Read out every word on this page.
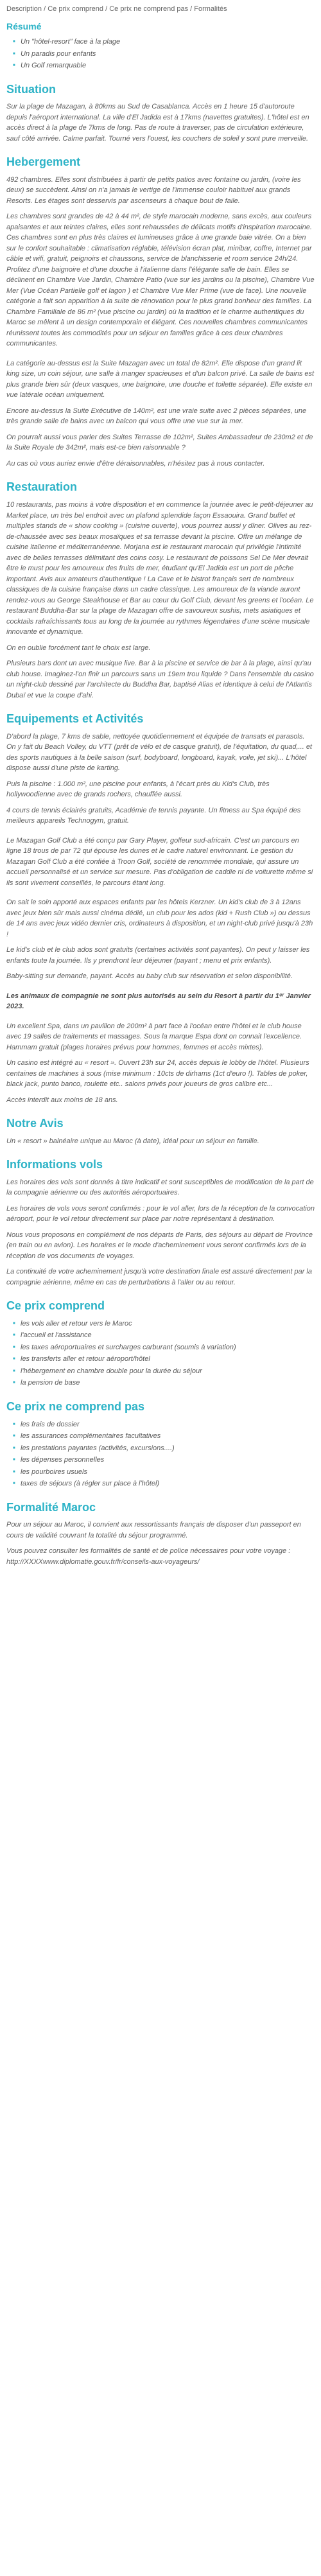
Description / Ce prix comprend / Ce prix ne comprend pas / Formalités
Résumé
■ Un "hôtel-resort" face à la plage
■ Un paradis pour enfants
■ Un Golf remarquable
Situation

Sur la plage de Mazagan, à 80kms au Sud de Casablanca. Accès en 1 heure 15 d'autoroute depuis l'aéroport international. La ville d'El Jadida est à 17kms (navettes gratuites). L'hôtel est en accès direct à la plage de 7kms de long. Pas de route à traverser, pas de circulation extérieure, sauf côté arrivée. Calme parfait. Tourné vers l'ouest, les couchers de soleil y sont pure merveille.

Hebergement

492 chambres. Elles sont distribuées à partir de petits patios avec fontaine ou jardin, (voire les deux) se succèdent. Ainsi on n'a jamais le vertige de l'immense couloir habituel aux grands Resorts. Les étages sont desservis par ascenseurs à chaque bout de faile.

Les chambres sont grandes de 42 à 44 m², de style marocain moderne, sans excès, aux couleurs apaisantes et aux teintes claires, elles sont rehaussées de délicats motifs d'inspiration marocaine. Ces chambres sont en plus très claires et lumineuses grâce à une grande baie vitrée. On a bien sur le confort souhaitable : climatisation réglable, télévision écran plat, minibar, coffre, Internet par câble et wifi, gratuit, peignoirs et chaussons, service de blanchisserie et room service 24h/24. Profitez d'une baignoire et d'une douche à l'italienne dans l'élégante salle de bain. Elles se déclinent en Chambre Vue Jardin, Chambre Patio (vue sur les jardins ou la piscine), Chambre Vue Mer (Vue Océan Partielle golf et lagon ) et Chambre Vue Mer Prime (vue de face). Une nouvelle catégorie a fait son apparition à la suite de rénovation pour le plus grand bonheur des familles. La Chambre Familiale de 86 m² (vue piscine ou jardin) où la tradition et le charme authentiques du Maroc se mêlent à un design contemporain et élégant. Ces nouvelles chambres communicantes réunissent toutes les commodités pour un séjour en familles grâce à ces deux chambres communicantes.

La catégorie au-dessus est la Suite Mazagan avec un total de 82m². Elle dispose d'un grand lit king size, un coin séjour, une salle à manger spacieuses et d'un balcon privé. La salle de bains est plus grande bien sûr (deux vasques, une baignoire, une douche et toilette séparée). Elle existe en vue latérale océan uniquement.

Encore au-dessus la Suite Exécutive de 140m², est une vraie suite avec 2 pièces séparées, une très grande salle de bains avec un balcon qui vous offre une vue sur la mer.

On pourrait aussi vous parler des Suites Terrasse de 102m², Suites Ambassadeur de 230m2 et de la Suite Royale de 342m², mais est-ce bien raisonnable ?

Au cas où vous auriez envie d'être déraisonnables, n'hésitez pas à nous contacter.

Restauration

10 restaurants, pas moins à votre disposition et en commence la journée avec le petit-déjeuner au Market place, un très bel endroit avec un plafond splendide façon Essaouira. Grand buffet et multiples stands de « show cooking » (cuisine ouverte), vous pourrez aussi y dîner. Olives au rez-de-chaussée avec ses beaux mosaïques et sa terrasse devant la piscine. Offre un mélange de cuisine italienne et méditerranéenne. Morjana est le restaurant marocain qui privilégie l'intimité avec de belles terrasses délimitant des coins cosy. Le restaurant de poissons Sel De Mer devrait être le must pour les amoureux des fruits de mer, étudiant qu'El Jadida est un port de pêche important. Avis aux amateurs d'authentique ! La Cave et le bistrot français sert de nombreux classiques de la cuisine française dans un cadre classique. Les amoureux de la viande auront rendez-vous au George Steakhouse et Bar au cœur du Golf Club, devant les greens et l'océan. Le restaurant Buddha-Bar sur la plage de Mazagan offre de savoureux sushis, mets asiatiques et cocktails rafraîchissants tous au long de la journée au rythmes légendaires d'une scène musicale innovante et dynamique.

On en oublie forcément tant le choix est large.

Plusieurs bars dont un avec musique live. Bar à la piscine et service de bar à la plage, ainsi qu'au club house. Imaginez-l'on finir un parcours sans un 19em trou liquide ? Dans l'ensemble du casino un night-club dessiné par l'architecte du Buddha Bar, baptisé Alias et identique à celui de l'Atlantis Dubaï et vue la coupe d'ahi.

Equipements et Activités

D'abord la plage, 7 kms de sable, nettoyée quotidiennement et équipée de transats et parasols. On y fait du Beach Volley, du VTT (prêt de vélo et de casque gratuit), de l'équitation, du quad,... et des sports nautiques à la belle saison (surf, bodyboard, longboard, kayak, voile, jet ski)... L'hôtel dispose aussi d'une piste de karting.

Puis la piscine : 1.000 m², une piscine pour enfants, à l'écart près du Kid's Club, très hollywoodienne avec de grands rochers, chauffée aussi.

4 cours de tennis éclairés gratuits, Académie de tennis payante. Un fitness au Spa équipé des meilleurs appareils Technogym, gratuit.

Le Mazagan Golf Club a été conçu par Gary Player, golfeur sud-africain. C'est un parcours en ligne 18 trous de par 72 qui épouse les dunes et le cadre naturel environnant. Le gestion du Mazagan Golf Club a été confiée à Troon Golf, société de renommée mondiale, qui assure un accueil personnalisé et un service sur mesure. Pas d'obligation de caddie ni de voiturette même si ils sont vivement conseillés, le parcours étant long.

On sait le soin apporté aux espaces enfants par les hôtels Kerzner. Un kid's club de 3 à 12ans avec jeux bien sûr mais aussi cinéma dédié, un club pour les ados (kid + Rush Club ») ou dessus de 14 ans avec jeux vidéo dernier cris, ordinateurs à disposition, et un night-club privé jusqu'à 23h !

Le kid's club et le club ados sont gratuits (certaines activités sont payantes). On peut y laisser les enfants toute la journée. Ils y prendront leur déjeuner (payant ; menu et prix enfants).

Baby-sitting sur demande, payant. Accès au baby club sur réservation et selon disponibilité.

Les animaux de compagnie ne sont plus autorisés au sein du Resort à partir du 1ᵉʳ Janvier 2023.

Un excellent Spa, dans un pavillon de 200m² à part face à l'océan entre l'hôtel et le club house avec 19 salles de traitements et massages. Sous la marque Espa dont on connait l'excellence. Hammam gratuit (plages horaires prévus pour hommes, femmes et accès mixtes).

Un casino est intégré au « resort ». Ouvert 23h sur 24, accès depuis le lobby de l'hôtel. Plusieurs centaines de machines à sous (mise minimum : 10cts de dirhams (1ct d'euro !). Tables de poker, black jack, punto banco, roulette etc.. salons privés pour joueurs de gros calibre etc...

Accès interdit aux moins de 18 ans.

Notre Avis

Un « resort » balnéaire unique au Maroc (à date), idéal pour un séjour en famille.

Informations vols

Les horaires des vols sont donnés à titre indicatif et sont susceptibles de modification de la part de la compagnie aérienne ou des autorités aéroportuaires.

Les horaires de vols vous seront confirmés : pour le vol aller, lors de la réception de la convocation aéroport, pour le vol retour directement sur place par notre représentant à destination.

Nous vous proposons en complément de nos départs de Paris, des séjours au départ de Province (en train ou en avion). Les horaires et le mode d'acheminement vous seront confirmés lors de la réception de vos documents de voyages.

La continuité de votre acheminement jusqu'à votre destination finale est assuré directement par la compagnie aérienne, même en cas de perturbations à l'aller ou au retour.

Ce prix comprend
■ les vols aller et retour vers le Maroc
■ l'accueil et l'assistance
■ les taxes aéroportuaires et surcharges carburant (soumis à variation)
■ les transferts aller et retour aéroport/hôtel
■ l'hébergement en chambre double pour la durée du séjour
■ la pension de base
Ce prix ne comprend pas
■ les frais de dossier
■ les assurances complémentaires facultatives
■ les prestations payantes (activités, excursions....)
■ les dépenses personnelles
■ les pourboires usuels
■ taxes de séjours (à régler sur place à l'hôtel)
Formalité Maroc

Pour un séjour au Maroc, il convient aux ressortissants français de disposer d'un passeport en cours de validité couvrant la totalité du séjour programmé.

Vous pouvez consulter les formalités de santé et de police nécessaires pour votre voyage : http://XXXXwww.diplomatie.gouv.fr/fr/conseils-aux-voyageurs/
